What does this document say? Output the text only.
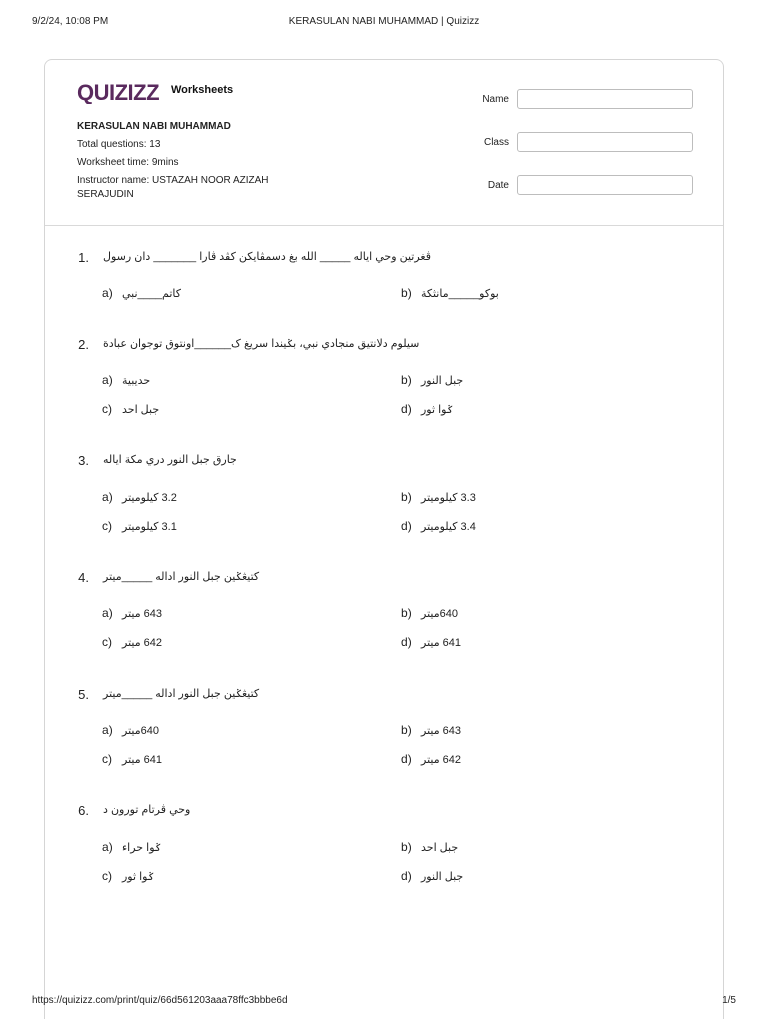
9/2/24, 10:08 PM	KERASULAN NABI MUHAMMAD | Quizizz
QUIZIZZ Worksheets
KERASULAN NABI MUHAMMAD
Total questions: 13
Worksheet time: 9mins
Instructor name: USTAZAH NOOR AZIZAH SERAJUDIN
Name
Class
Date
1 .	ڤغرتين وحي اياله _____ الله بغ دسمڤايکن کڤد ڤارا _______ دان رسول
a ) کاتم____نبي	b ) بوکو_____مانثکة
2 .	سيلوم دلانتيق منجادي نبي، بݢيندا سريغ ک______اونتوق توجوان عبادة
a ) حديبية	b ) جبل النور
c ) جبل احد	d ) ݢوا ثور
3 .	جارق جبل النور دري مکة اياله
a ) 3.2 کيلوميتر	b ) 3.3 کيلوميتر
c ) 3.1 کيلوميتر	d ) 3.4 کيلوميتر
4 .	کتيڠݢين جبل النور اداله _____ميتر
a ) 643 ميتر	b ) 640ميتر
c ) 642 ميتر	d ) 641 ميتر
5 .	کتيڠݢين جبل النور اداله _____ميتر
a ) 640ميتر	b ) 643 ميتر
c ) 641 ميتر	d ) 642 ميتر
6 .	وحي ڤرتام تورون د
a ) ݢوا حراء	b ) جبل احد
c ) ݢوا ثور	d ) جبل النور
https://quizizz.com/print/quiz/66d561203aaa78ffc3bbbe6d	1/5
